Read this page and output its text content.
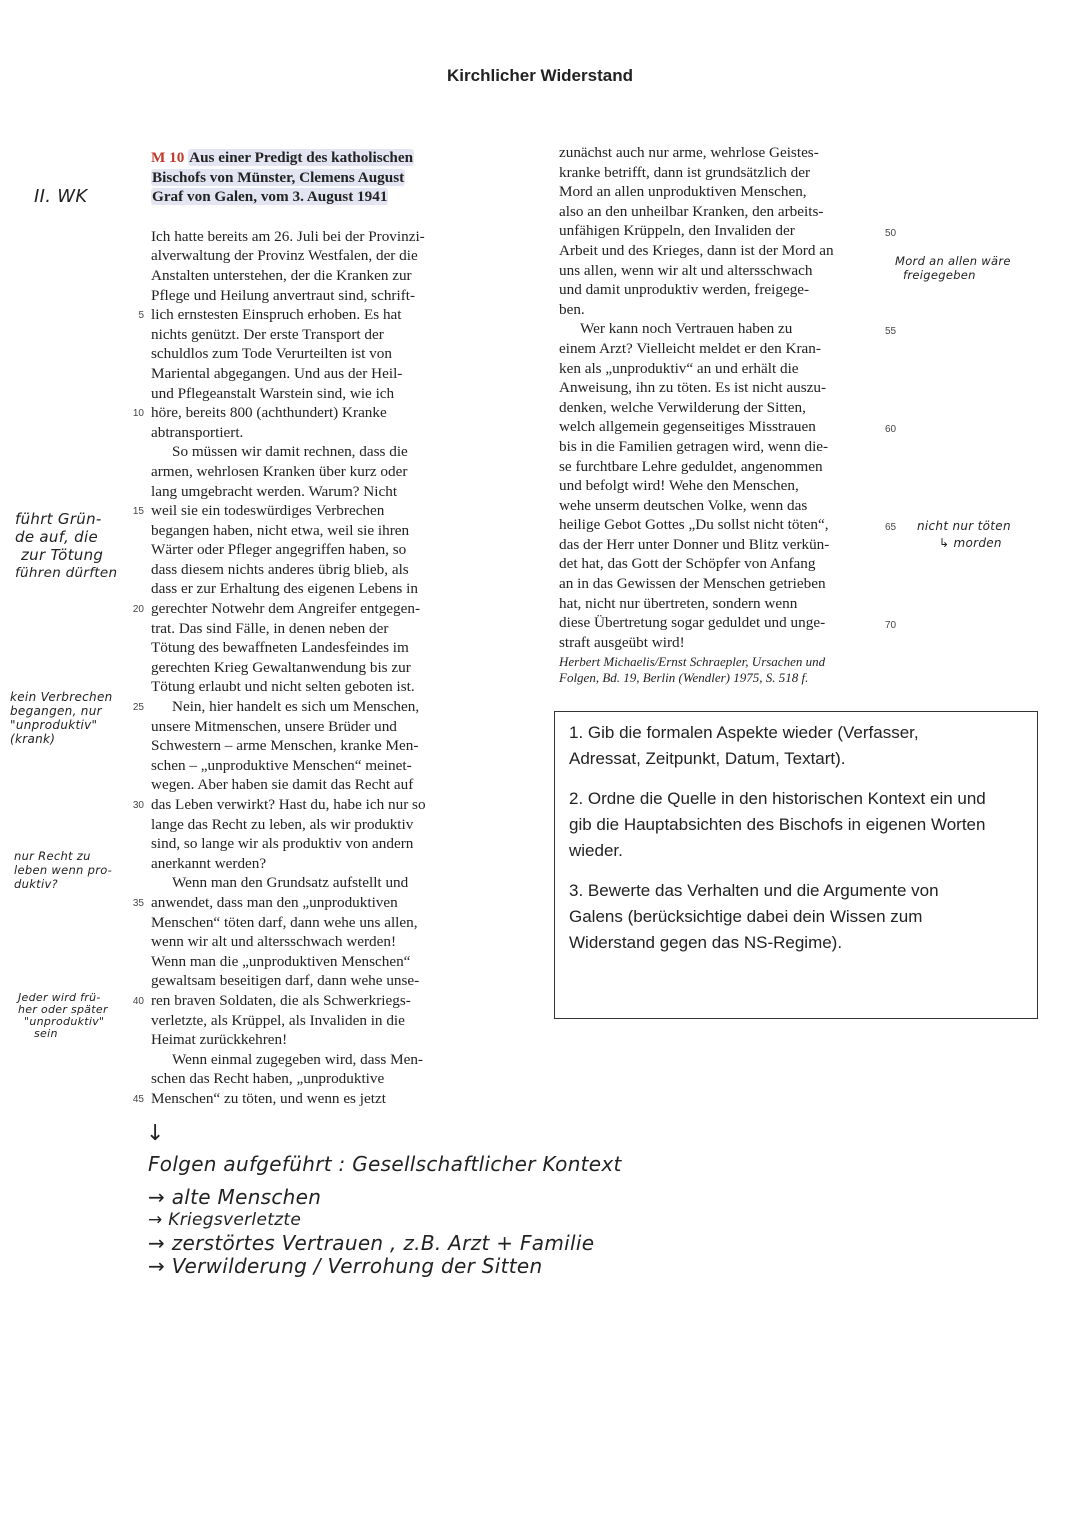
Kirchlicher Widerstand
M 10 Aus einer Predigt des katholischen
Bischofs von Münster, Clemens August
Graf von Galen, vom 3. August 1941
Ich hatte bereits am 26. Juli bei der Provinzi-
alverwaltung der Provinz Westfalen, der die
Anstalten unterstehen, der die Kranken zur
Pflege und Heilung anvertraut sind, schrift-
lich ernstesten Einspruch erhoben. Es hat
5
nichts genützt. Der erste Transport der
schuldlos zum Tode Verurteilten ist von
Mariental abgegangen. Und aus der Heil-
und Pflegeanstalt Warstein sind, wie ich
höre, bereits 800 (achthundert) Kranke
10
abtransportiert.
So müssen wir damit rechnen, dass die
armen, wehrlosen Kranken über kurz oder
lang umgebracht werden. Warum? Nicht
weil sie ein todeswürdiges Verbrechen
15
begangen haben, nicht etwa, weil sie ihren
Wärter oder Pfleger angegriffen haben, so
dass diesem nichts anderes übrig blieb, als
dass er zur Erhaltung des eigenen Lebens in
gerechter Notwehr dem Angreifer entgegen-
20
trat. Das sind Fälle, in denen neben der
Tötung des bewaffneten Landesfeindes im
gerechten Krieg Gewaltanwendung bis zur
Tötung erlaubt und nicht selten geboten ist.
Nein, hier handelt es sich um Menschen,
25
unsere Mitmenschen, unsere Brüder und
Schwestern – arme Menschen, kranke Men-
schen – „unproduktive Menschen“ meinet-
wegen. Aber haben sie damit das Recht auf
das Leben verwirkt? Hast du, habe ich nur so
30
lange das Recht zu leben, als wir produktiv
sind, so lange wir als produktiv von andern
anerkannt werden?
Wenn man den Grundsatz aufstellt und
anwendet, dass man den „unproduktiven
35
Menschen“ töten darf, dann wehe uns allen,
wenn wir alt und altersschwach werden!
Wenn man die „unproduktiven Menschen“
gewaltsam beseitigen darf, dann wehe unse-
ren braven Soldaten, die als Schwerkriegs-
40
verletzte, als Krüppel, als Invaliden in die
Heimat zurückkehren!
Wenn einmal zugegeben wird, dass Men-
schen das Recht haben, „unproduktive
Menschen“ zu töten, und wenn es jetzt
45
zunächst auch nur arme, wehrlose Geistes-
kranke betrifft, dann ist grundsätzlich der
Mord an allen unproduktiven Menschen,
also an den unheilbar Kranken, den arbeits-
unfähigen Krüppeln, den Invaliden der	50
Arbeit und des Krieges, dann ist der Mord an
uns allen, wenn wir alt und altersschwach
und damit unproduktiv werden, freigege-
ben.
Wer kann noch Vertrauen haben zu	55
einem Arzt? Vielleicht meldet er den Kran-
ken als „unproduktiv“ an und erhält die
Anweisung, ihn zu töten. Es ist nicht auszu-
denken, welche Verwilderung der Sitten,
welch allgemein gegenseitiges Misstrauen	60
bis in die Familien getragen wird, wenn die-
se furchtbare Lehre geduldet, angenommen
und befolgt wird! Wehe den Menschen,
wehe unserm deutschen Volke, wenn das
heilige Gebot Gottes „Du sollst nicht töten“,	65
das der Herr unter Donner und Blitz verkün-
det hat, das Gott der Schöpfer von Anfang
an in das Gewissen der Menschen getrieben
hat, nicht nur übertreten, sondern wenn
diese Übertretung sogar geduldet und unge-	70
straft ausgeübt wird!
Herbert Michaelis/Ernst Schraepler, Ursachen und
Folgen, Bd. 19, Berlin (Wendler) 1975, S. 518 f.
1. Gib die formalen Aspekte wieder (Verfasser,
Adressat, Zeitpunkt, Datum, Textart).
2. Ordne die Quelle in den historischen Kontext ein und
gib die Hauptabsichten des Bischofs in eigenen Worten
wieder.
3. Bewerte das Verhalten und die Argumente von
Galens (berücksichtige dabei dein Wissen zum
Widerstand gegen das NS-Regime).
II. WK
führt Grün-
de auf, die
zur Tötung
führen dürften
kein Verbrechen
begangen, nur
"unproduktiv"
(krank)
nur Recht zu
leben wenn pro-
duktiv?
Jeder wird frü-
her oder später
"unproduktiv"
sein
Mord an allen wäre
freigegeben
nicht nur töten
↳ morden
↓
Folgen aufgeführt : Gesellschaftlicher Kontext
→ alte Menschen
→ Kriegsverletzte
→ zerstörtes Vertrauen , z.B. Arzt + Familie
→ Verwilderung / Verrohung der Sitten
